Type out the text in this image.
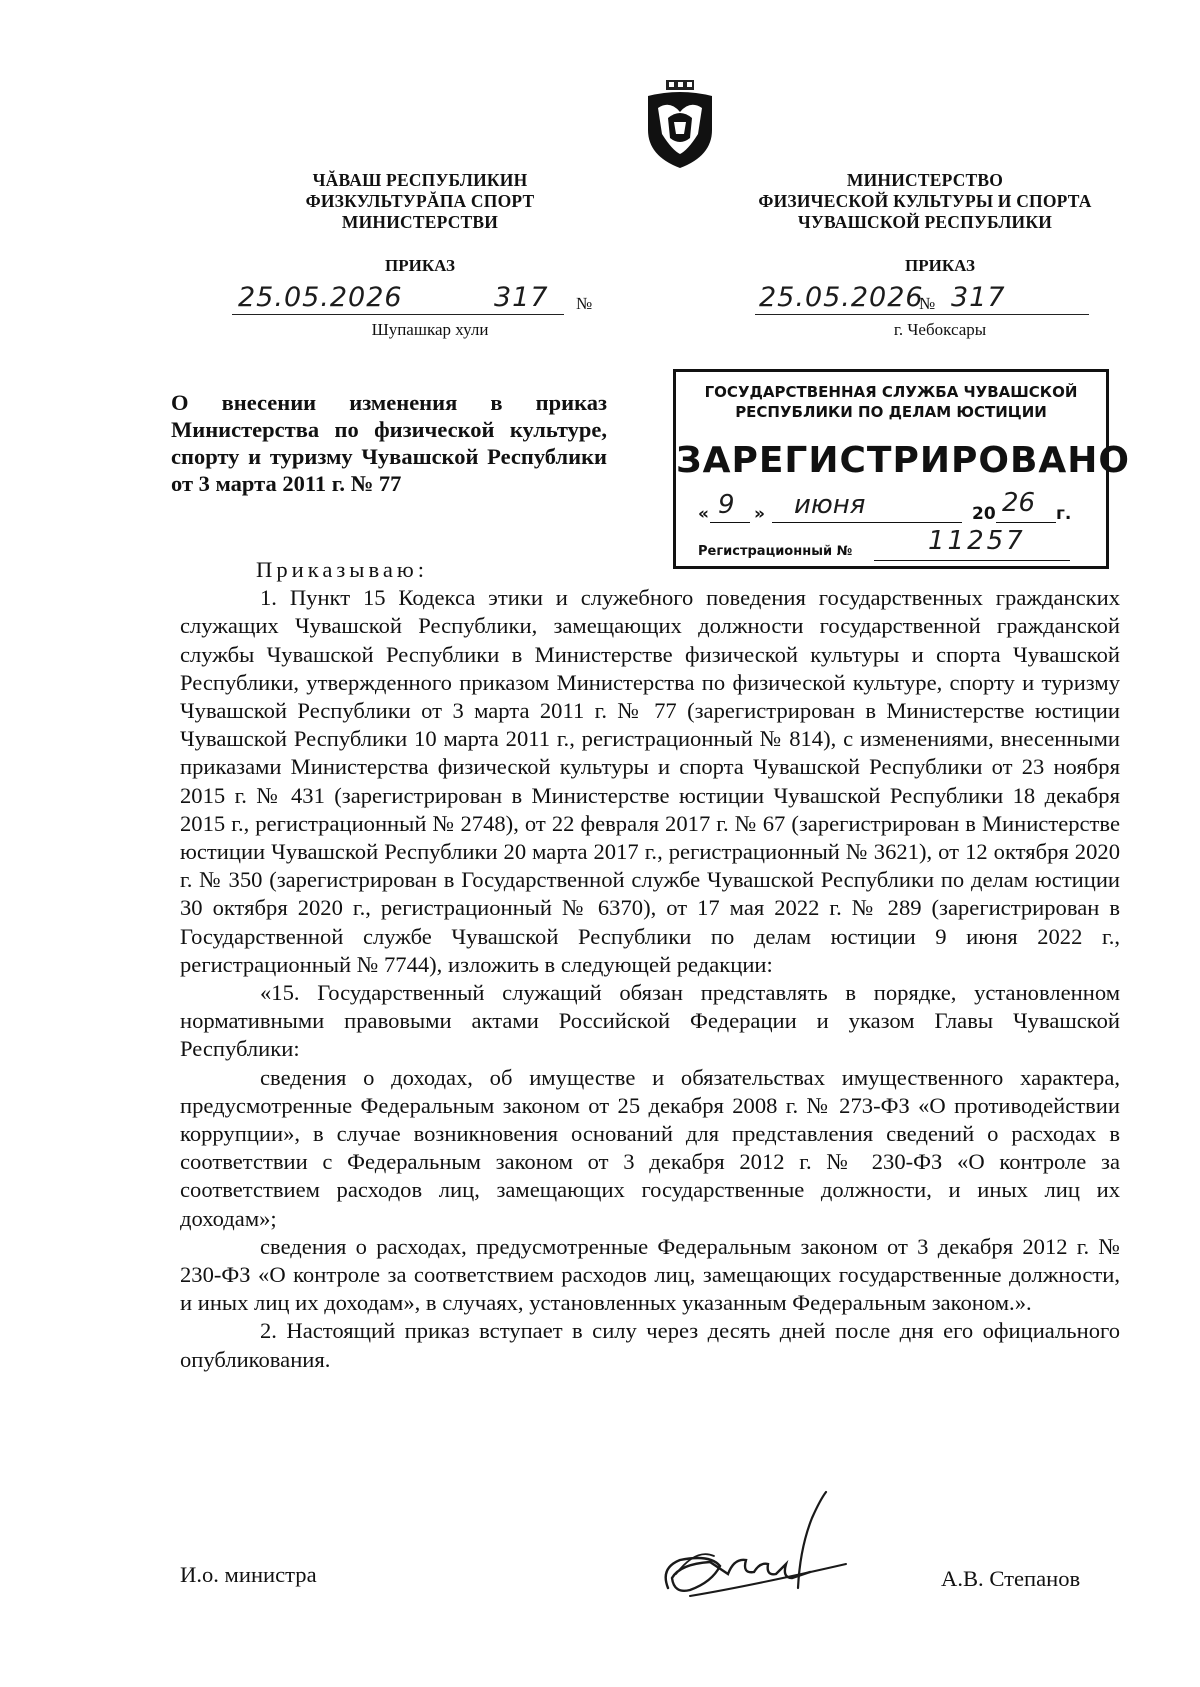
ЧĂВАШ РЕСПУБЛИКИН
ФИЗКУЛЬТУРĂПА СПОРТ
МИНИСТЕРСТВИ
МИНИСТЕРСТВО
ФИЗИЧЕСКОЙ КУЛЬТУРЫ И СПОРТА
ЧУВАШСКОЙ РЕСПУБЛИКИ
ПРИКАЗ	ПРИКАЗ
25.05.2026	317 №
Шупашкар хули
25.05.2026
№ 317
г. Чебоксары
О внесении изменения в приказ Министерства по физической культуре, спорту и туризму Чувашской Республики от 3 марта 2011 г. № 77
ГОСУДАРСТВЕННАЯ СЛУЖБА ЧУВАШСКОЙ
РЕСПУБЛИКИ ПО ДЕЛАМ ЮСТИЦИИ
ЗАРЕГИСТРИРОВАНО
« 9 » июня	20 26 г.
Регистрационный №	11257

Приказываю:

1. Пункт 15 Кодекса этики и служебного поведения государственных гражданских служащих Чувашской Республики, замещающих должности государственной гражданской службы Чувашской Республики в Министерстве физической культуры и спорта Чувашской Республики, утвержденного приказом Министерства по физической культуре, спорту и туризму Чувашской Республики от 3 марта 2011 г. № 77 (зарегистрирован в Министерстве юстиции Чувашской Республики 10 марта 2011 г., регистрационный № 814), с изменениями, внесенными приказами Министерства физической культуры и спорта Чувашской Республики от 23 ноября 2015 г. № 431 (зарегистрирован в Министерстве юстиции Чувашской Республики 18 декабря 2015 г., регистрационный № 2748), от 22 февраля 2017 г. № 67 (зарегистрирован в Министерстве юстиции Чувашской Республики 20 марта 2017 г., регистрационный № 3621), от 12 октября 2020 г. № 350 (зарегистрирован в Государственной службе Чувашской Республики по делам юстиции 30 октября 2020 г., регистрационный № 6370), от 17 мая 2022 г. № 289 (зарегистрирован в Государственной службе Чувашской Республики по делам юстиции 9 июня 2022 г., регистрационный № 7744), изложить в следующей редакции:

«15. Государственный служащий обязан представлять в порядке, установленном нормативными правовыми актами Российской Федерации и указом Главы Чувашской Республики:

сведения о доходах, об имуществе и обязательствах имущественного характера, предусмотренные Федеральным законом от 25 декабря 2008 г. № 273-ФЗ «О противодействии коррупции», в случае возникновения оснований для представления сведений о расходах в соответствии с Федеральным законом от 3 декабря 2012 г. № 230-ФЗ «О контроле за соответствием расходов лиц, замещающих государственные должности, и иных лиц их доходам»;

сведения о расходах, предусмотренные Федеральным законом от 3 декабря 2012 г. № 230-ФЗ «О контроле за соответствием расходов лиц, замещающих государственные должности, и иных лиц их доходам», в случаях, установленных указанным Федеральным законом.».

2. Настоящий приказ вступает в силу через десять дней после дня его официального опубликования.

И.о. министра	А.В. Степанов
